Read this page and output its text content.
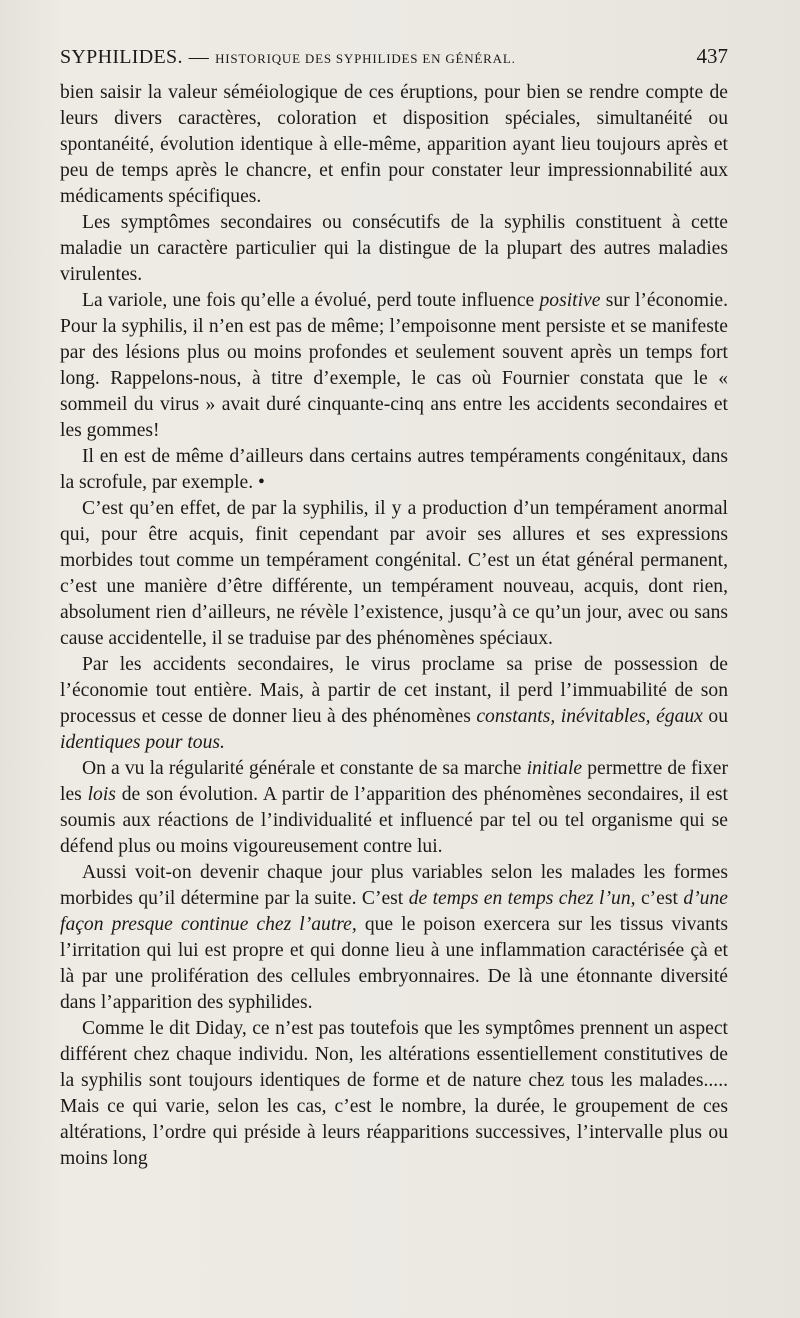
SYPHILIDES. — HISTORIQUE DES SYPHILIDES EN GÉNÉRAL.	437

bien saisir la valeur séméiologique de ces éruptions, pour bien se rendre compte de leurs divers caractères, coloration et disposition spéciales, simultanéité ou spontanéité, évolution identique à elle-même, apparition ayant lieu toujours après et peu de temps après le chancre, et enfin pour constater leur impressionnabilité aux médicaments spécifiques.

Les symptômes secondaires ou consécutifs de la syphilis constituent à cette maladie un caractère particulier qui la distingue de la plupart des autres maladies virulentes.

La variole, une fois qu’elle a évolué, perd toute influence positive sur l’économie. Pour la syphilis, il n’en est pas de même; l’empoisonne ment persiste et se manifeste par des lésions plus ou moins profondes et seulement souvent après un temps fort long. Rappelons-nous, à titre d’exemple, le cas où Fournier constata que le « sommeil du virus » avait duré cinquante-cinq ans entre les accidents secondaires et les gommes!

Il en est de même d’ailleurs dans certains autres tempéraments congénitaux, dans la scrofule, par exemple. •

C’est qu’en effet, de par la syphilis, il y a production d’un tempérament anormal qui, pour être acquis, finit cependant par avoir ses allures et ses expressions morbides tout comme un tempérament congénital. C’est un état général permanent, c’est une manière d’être différente, un tempérament nouveau, acquis, dont rien, absolument rien d’ailleurs, ne révèle l’existence, jusqu’à ce qu’un jour, avec ou sans cause accidentelle, il se traduise par des phénomènes spéciaux.

Par les accidents secondaires, le virus proclame sa prise de possession de l’économie tout entière. Mais, à partir de cet instant, il perd l’immuabilité de son processus et cesse de donner lieu à des phénomènes constants, inévitables, égaux ou identiques pour tous.

On a vu la régularité générale et constante de sa marche initiale permettre de fixer les lois de son évolution. A partir de l’apparition des phénomènes secondaires, il est soumis aux réactions de l’individualité et influencé par tel ou tel organisme qui se défend plus ou moins vigoureusement contre lui.

Aussi voit-on devenir chaque jour plus variables selon les malades les formes morbides qu’il détermine par la suite. C’est de temps en temps chez l’un, c’est d’une façon presque continue chez l’autre, que le poison exercera sur les tissus vivants l’irritation qui lui est propre et qui donne lieu à une inflammation caractérisée çà et là par une prolifération des cellules embryonnaires. De là une étonnante diversité dans l’apparition des syphilides.

Comme le dit Diday, ce n’est pas toutefois que les symptômes prennent un aspect différent chez chaque individu. Non, les altérations essentiellement constitutives de la syphilis sont toujours identiques de forme et de nature chez tous les malades..... Mais ce qui varie, selon les cas, c’est le nombre, la durée, le groupement de ces altérations, l’ordre qui préside à leurs réapparitions successives, l’intervalle plus ou moins long
